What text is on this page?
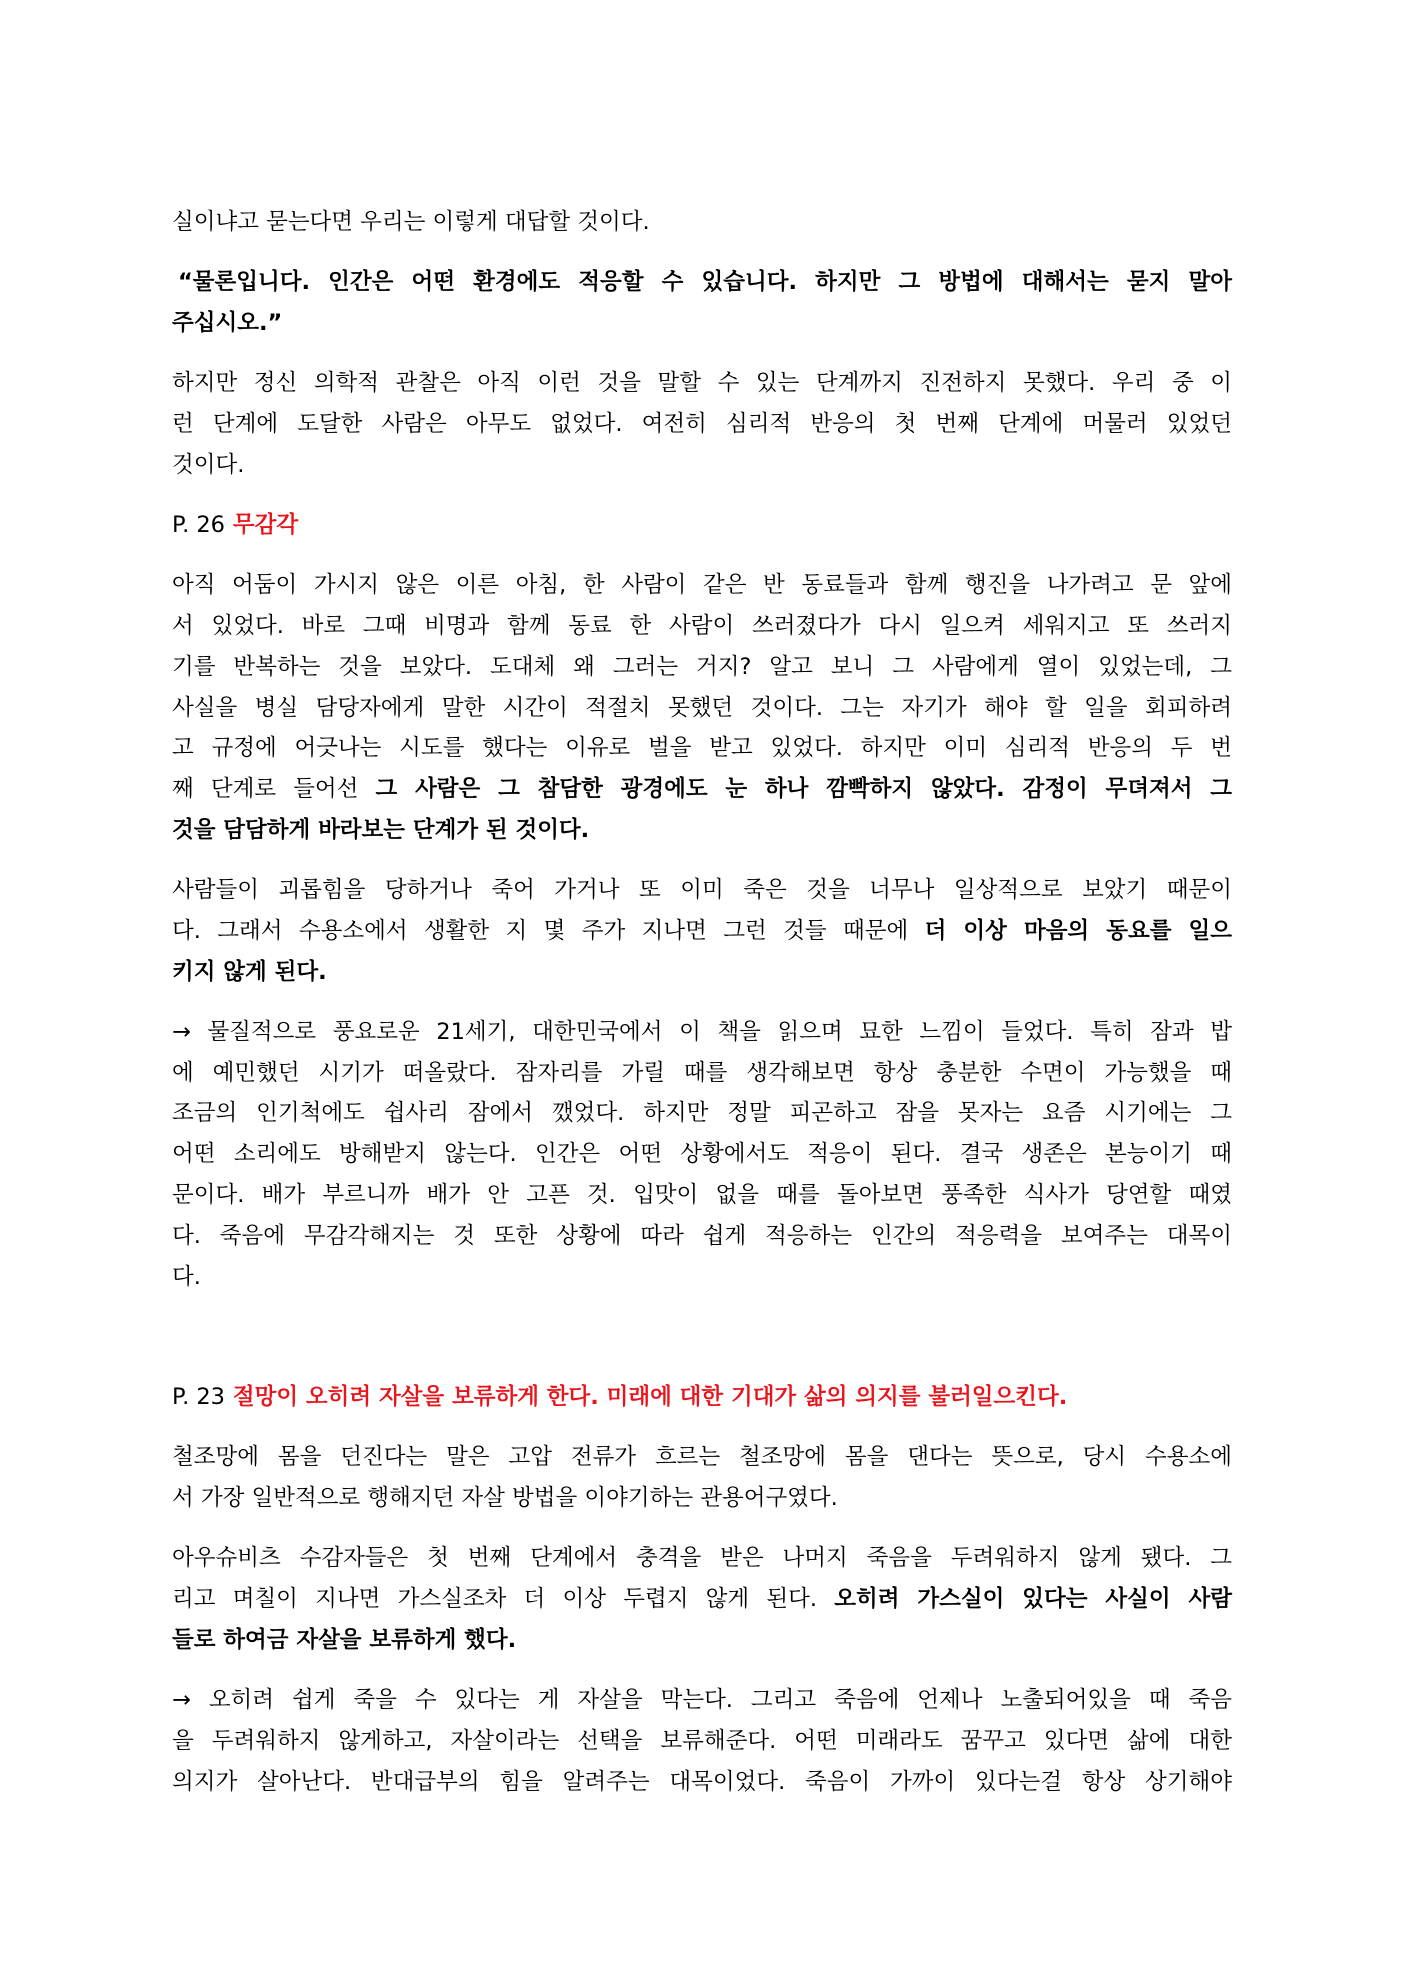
실이냐고 묻는다면 우리는 이렇게 대답할 것이다.
“물론입니다. 인간은 어떤 환경에도 적응할 수 있습니다. 하지만 그 방법에 대해서는 묻지 말아
주십시오.”
하지만 정신 의학적 관찰은 아직 이런 것을 말할 수 있는 단계까지 진전하지 못했다. 우리 중 이
런 단계에 도달한 사람은 아무도 없었다. 여전히 심리적 반응의 첫 번째 단계에 머물러 있었던
것이다.
P. 26 무감각
아직 어둠이 가시지 않은 이른 아침, 한 사람이 같은 반 동료들과 함께 행진을 나가려고 문 앞에
서 있었다. 바로 그때 비명과 함께 동료 한 사람이 쓰러졌다가 다시 일으켜 세워지고 또 쓰러지
기를 반복하는 것을 보았다. 도대체 왜 그러는 거지? 알고 보니 그 사람에게 열이 있었는데, 그
사실을 병실 담당자에게 말한 시간이 적절치 못했던 것이다. 그는 자기가 해야 할 일을 회피하려
고 규정에 어긋나는 시도를 했다는 이유로 벌을 받고 있었다. 하지만 이미 심리적 반응의 두 번
째 단계로 들어선 그 사람은 그 참담한 광경에도 눈 하나 깜빡하지 않았다. 감정이 무뎌져서 그
것을 담담하게 바라보는 단계가 된 것이다.
사람들이 괴롭힘을 당하거나 죽어 가거나 또 이미 죽은 것을 너무나 일상적으로 보았기 때문이
다. 그래서 수용소에서 생활한 지 몇 주가 지나면 그런 것들 때문에 더 이상 마음의 동요를 일으
키지 않게 된다.
→ 물질적으로 풍요로운 21세기, 대한민국에서 이 책을 읽으며 묘한 느낌이 들었다. 특히 잠과 밥
에 예민했던 시기가 떠올랐다. 잠자리를 가릴 때를 생각해보면 항상 충분한 수면이 가능했을 때
조금의 인기척에도 쉽사리 잠에서 깼었다. 하지만 정말 피곤하고 잠을 못자는 요즘 시기에는 그
어떤 소리에도 방해받지 않는다. 인간은 어떤 상황에서도 적응이 된다. 결국 생존은 본능이기 때
문이다. 배가 부르니까 배가 안 고픈 것. 입맛이 없을 때를 돌아보면 풍족한 식사가 당연할 때였
다. 죽음에 무감각해지는 것 또한 상황에 따라 쉽게 적응하는 인간의 적응력을 보여주는 대목이
다.
P. 23 절망이 오히려 자살을 보류하게 한다. 미래에 대한 기대가 삶의 의지를 불러일으킨다.
철조망에 몸을 던진다는 말은 고압 전류가 흐르는 철조망에 몸을 댄다는 뜻으로, 당시 수용소에
서 가장 일반적으로 행해지던 자살 방법을 이야기하는 관용어구였다.
아우슈비츠 수감자들은 첫 번째 단계에서 충격을 받은 나머지 죽음을 두려워하지 않게 됐다. 그
리고 며칠이 지나면 가스실조차 더 이상 두렵지 않게 된다. 오히려 가스실이 있다는 사실이 사람
들로 하여금 자살을 보류하게 했다.
→ 오히려 쉽게 죽을 수 있다는 게 자살을 막는다. 그리고 죽음에 언제나 노출되어있을 때 죽음
을 두려워하지 않게하고, 자살이라는 선택을 보류해준다. 어떤 미래라도 꿈꾸고 있다면 삶에 대한
의지가 살아난다. 반대급부의 힘을 알려주는 대목이었다. 죽음이 가까이 있다는걸 항상 상기해야
